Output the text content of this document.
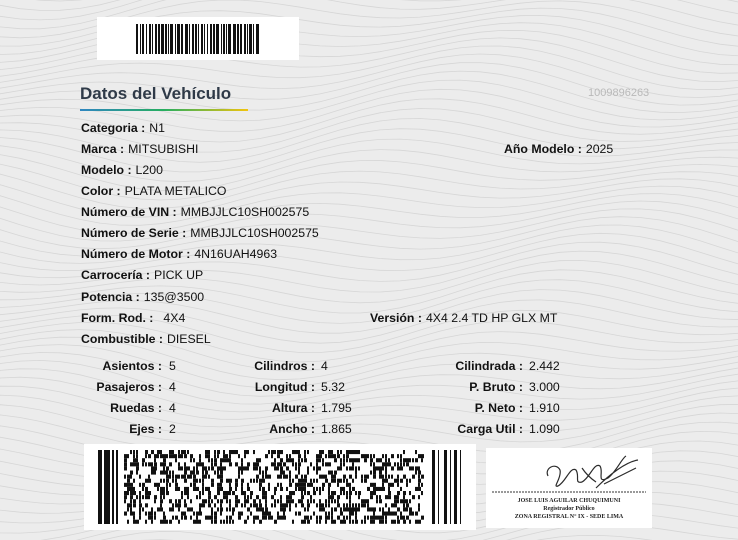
Datos del Vehículo	1009896263
Categoria : N1
Marca : MITSUBISHI	Año Modelo : 2025
Modelo : L200
Color : PLATA METALICO
Número de VIN : MMBJJLC10SH002575
Número de Serie : MMBJJLC10SH002575
Número de Motor : 4N16UAH4963
Carrocería : PICK UP
Potencia : 135@3500
Form. Rod. : 4X4	Versión : 4X4 2.4 TD HP GLX MT
Combustible : DIESEL
Asientos : 5	Cilindros : 4	Cilindrada : 2.442
Pasajeros : 4	Longitud : 5.32	P. Bruto : 3.000
Ruedas : 4	Altura : 1.795	P. Neto : 1.910
Ejes : 2	Ancho : 1.865	Carga Util : 1.090
JOSE LUIS AGUILAR CHUQUIMUNI
Registrador Público
ZONA REGISTRAL N° IX - SEDE LIMA
